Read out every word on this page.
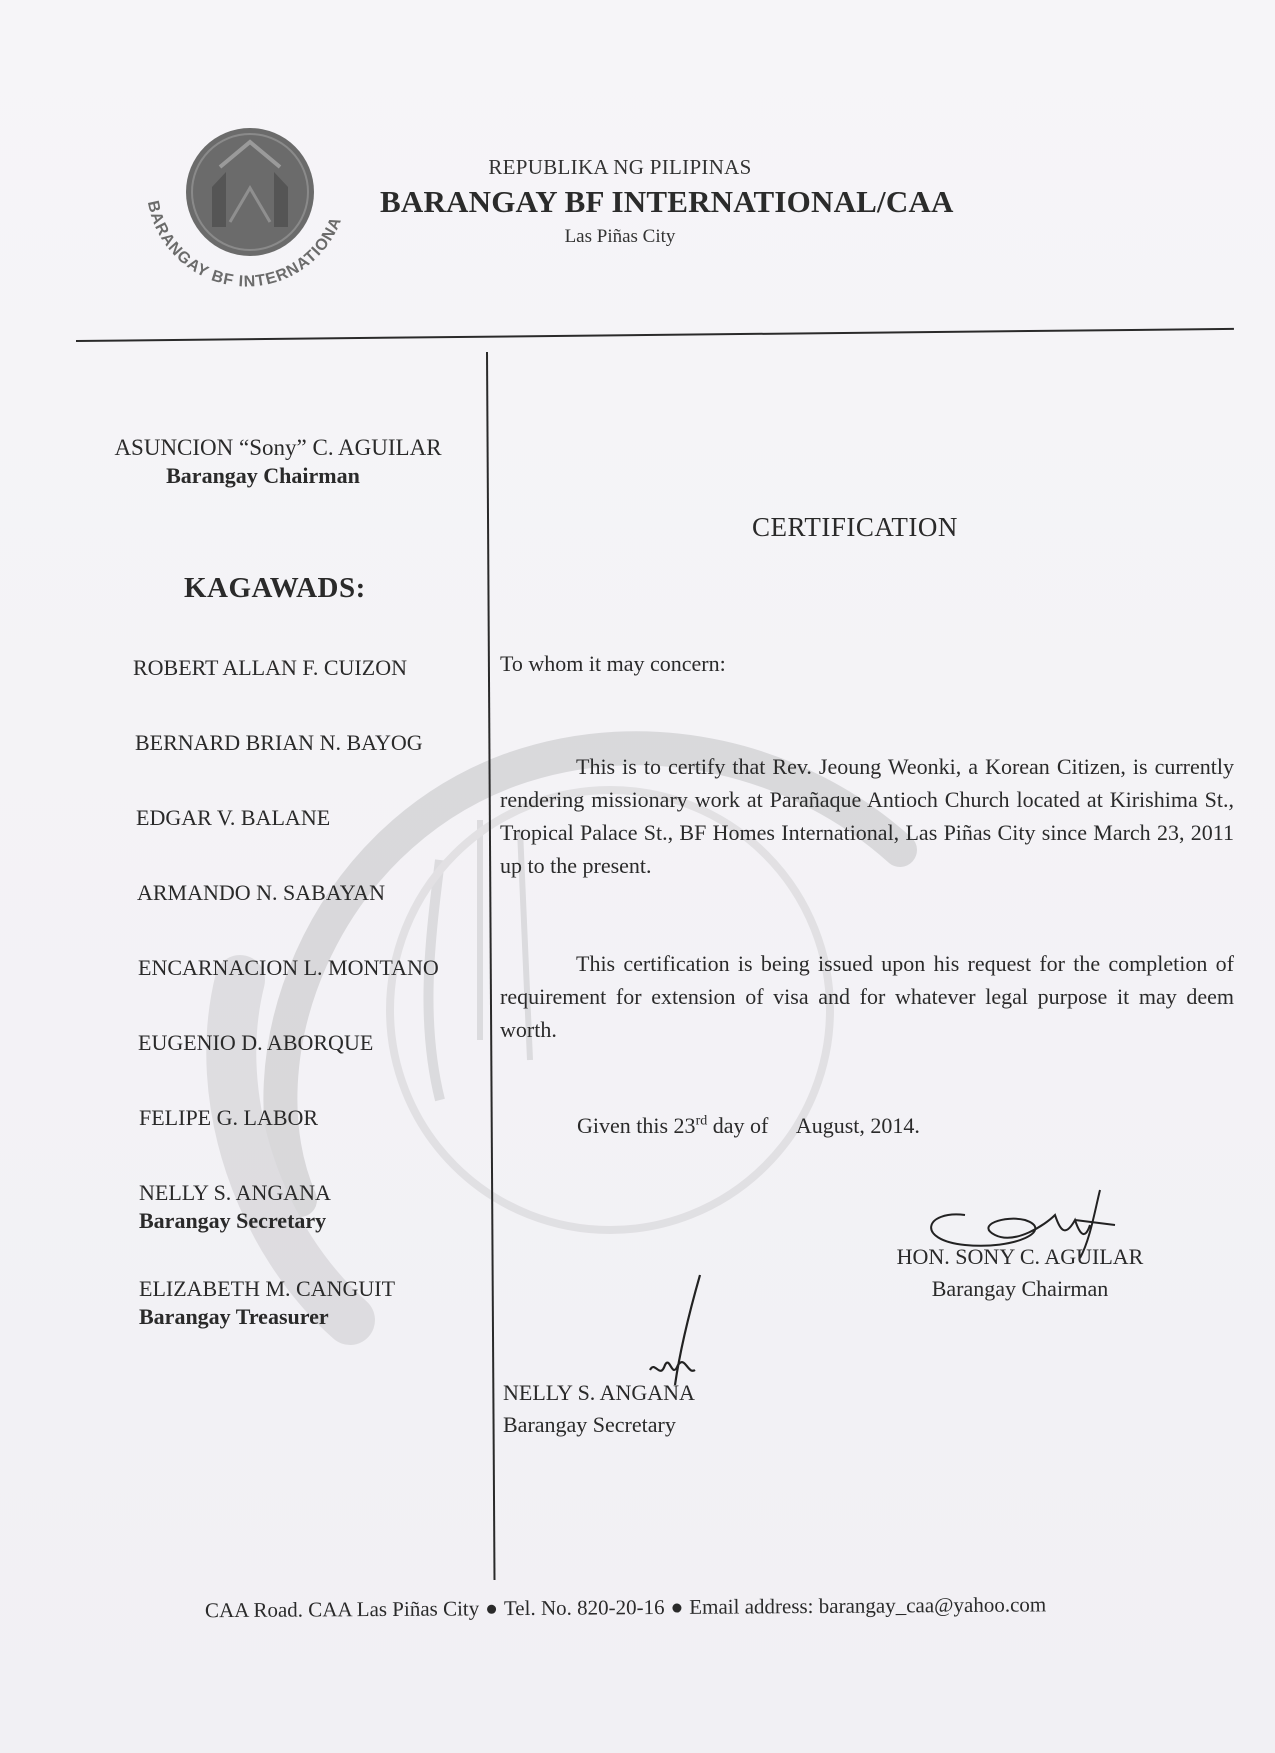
BARANGAY BF INTERNATIONA
REPUBLIKA NG PILIPINAS
BARANGAY BF INTERNATIONAL/CAA
Las Piñas City
ASUNCION “Sony” C. AGUILAR
Barangay Chairman
KAGAWADS:
ROBERT ALLAN F. CUIZON
BERNARD BRIAN N. BAYOG
EDGAR V. BALANE
ARMANDO N. SABAYAN
ENCARNACION L. MONTANO
EUGENIO D. ABORQUE
FELIPE G. LABOR
NELLY S. ANGANA
Barangay Secretary
ELIZABETH M. CANGUIT
Barangay Treasurer
CERTIFICATION
To whom it may concern:
This is to certify that Rev. Jeoung Weonki, a Korean Citizen, is currently rendering missionary work at Parañaque Antioch Church located at Kirishima St., Tropical Palace St., BF Homes International, Las Piñas City since March 23, 2011 up to the present.
This certification is being issued upon his request for the completion of requirement for extension of visa and for whatever legal purpose it may deem worth.
Given this 23rd day of August, 2014.
HON. SONY C. AGUILAR
Barangay Chairman
NELLY S. ANGANA
Barangay Secretary
CAA Road. CAA Las Piñas City ● Tel. No. 820-20-16 ● Email address: barangay_caa@yahoo.com
